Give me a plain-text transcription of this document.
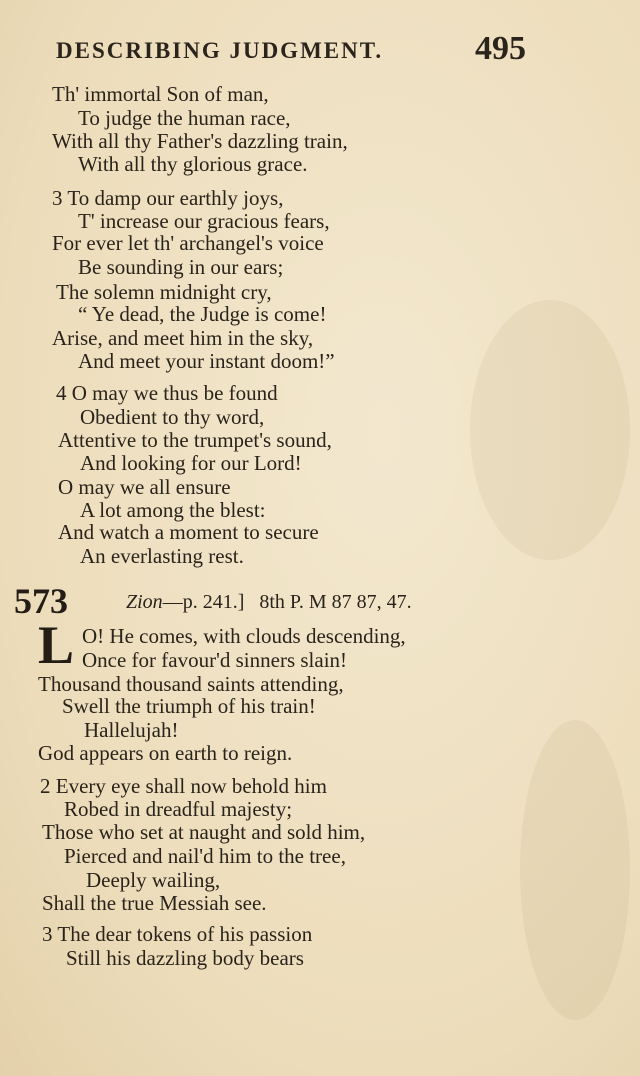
DESCRIBING JUDGMENT.	495
Th' immortal Son of man,
To judge the human race,
With all thy Father's dazzling train,
With all thy glorious grace.
3 To damp our earthly joys,
T' increase our gracious fears,
For ever let th' archangel's voice
Be sounding in our ears;
The solemn midnight cry,
“ Ye dead, the Judge is come!
Arise, and meet him in the sky,
And meet your instant doom!”
4 O may we thus be found
Obedient to thy word,
Attentive to the trumpet's sound,
And looking for our Lord!
O may we all ensure
A lot among the blest:
And watch a moment to secure
An everlasting rest.
573	Zion—p. 241.] 8th P. M 87 87, 47.
L O! He comes, with clouds descending,
Once for favour'd sinners slain!
Thousand thousand saints attending,
Swell the triumph of his train!
Hallelujah!
God appears on earth to reign.
2 Every eye shall now behold him
Robed in dreadful majesty;
Those who set at naught and sold him,
Pierced and nail'd him to the tree,
Deeply wailing,
Shall the true Messiah see.
3 The dear tokens of his passion
Still his dazzling body bears
